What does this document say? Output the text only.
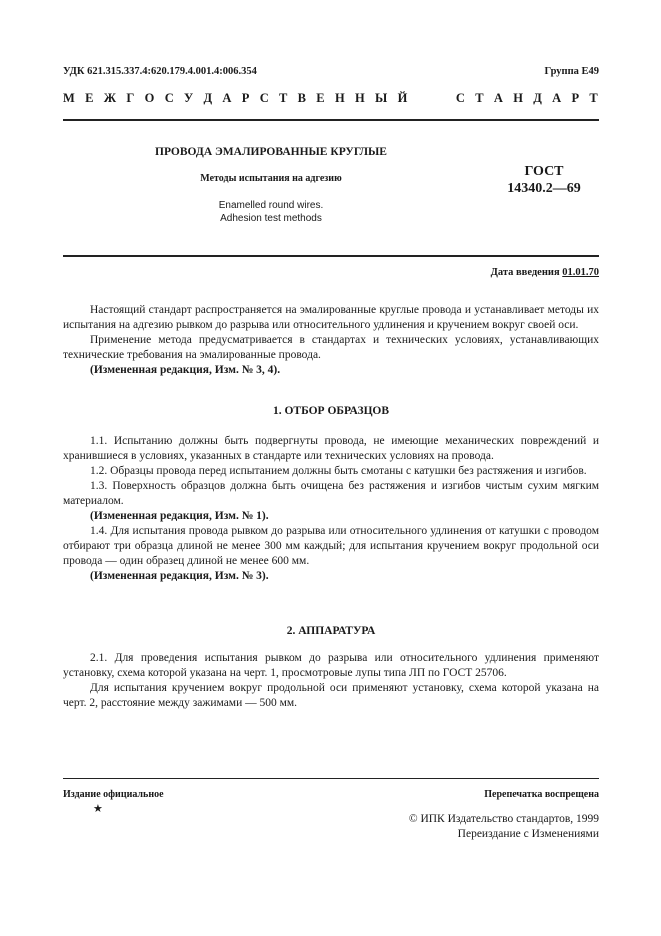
УДК 621.315.337.4:620.179.4.001.4:006.354	Группа Е49
М Е Ж Г О С У Д А Р С Т В Е Н Н Ы Й	С Т А Н Д А Р Т
ПРОВОДА ЭМАЛИРОВАННЫЕ КРУГЛЫЕ
Методы испытания на адгезию
Enamelled round wires.
Adhesion test methods
ГОСТ
14340.2—69
Дата введения 01.01.70

Настоящий стандарт распространяется на эмалированные круглые провода и устанавливает методы их испытания на адгезию рывком до разрыва или относительного удлинения и кручением вокруг своей оси.

Применение метода предусматривается в стандартах и технических условиях, устанавливающих технические требования на эмалированные провода.

(Измененная редакция, Изм. № 3, 4).

1. ОТБОР ОБРАЗЦОВ

1.1. Испытанию должны быть подвергнуты провода, не имеющие механических повреждений и хранившиеся в условиях, указанных в стандарте или технических условиях на провода.

1.2. Образцы провода перед испытанием должны быть смотаны с катушки без растяжения и изгибов.

1.3. Поверхность образцов должна быть очищена без растяжения и изгибов чистым сухим мягким материалом.

(Измененная редакция, Изм. № 1).

1.4. Для испытания провода рывком до разрыва или относительного удлинения от катушки с проводом отбирают три образца длиной не менее 300 мм каждый; для испытания кручением вокруг продольной оси провода — один образец длиной не менее 600 мм.

(Измененная редакция, Изм. № 3).

2. АППАРАТУРА

2.1. Для проведения испытания рывком до разрыва или относительного удлинения применяют установку, схема которой указана на черт. 1, просмотровые лупы типа ЛП по ГОСТ 25706.

Для испытания кручением вокруг продольной оси применяют установку, схема которой указана на черт. 2, расстояние между зажимами — 500 мм.

Издание официальное
★
Перепечатка воспрещена
© ИПК Издательство стандартов, 1999
Переиздание с Изменениями
